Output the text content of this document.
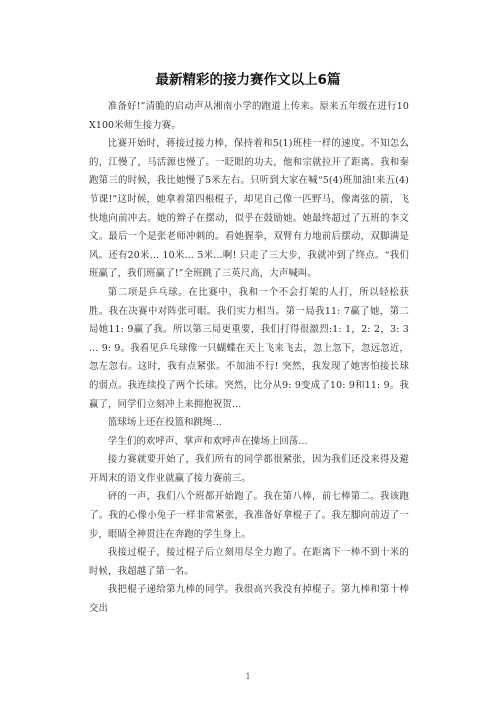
最新精彩的接力赛作文以上6篇

准备好!”清脆的启动声从湘南小学的跑道上传来。原来五年级在进行10X100米师生接力赛。

比赛开始时，蒋接过接力棒，保持着和5(1)班桂一样的速度。不知怎么的，江慢了，马活源也慢了。一眨眼的功夫，他和宗就拉开了距离。我和秦跑第三的时候，我比她慢了5米左右。只听到大家在喊“5(4)班加油!来五(4)节课!”这时候，她拿着第四根棍子，却见自己像一匹野马，像离弦的箭，飞快地向前冲去。她的辫子在摆动，似乎在鼓励她。她最终超过了五班的李文文。最后一个是张老师冲刺的。看她握拳，双臂有力地前后摆动，双脚满是风。还有20米… 10米… 5米…啊! 只走了三大步，我就冲到了终点。“我们班赢了，我们班赢了!”全班跳了三英尺高，大声喊叫。

第二项是乒乓球。在比赛中，我和一个不会打架的人打，所以轻松获胜。我在决赛中对阵张可眼。我们实力相当。第一局我11: 7赢了她，第二局她11: 9赢了我。所以第三局更重要，我们打得很激烈:1: 1，2: 2，3: 3 … 9: 9。我看见乒乓球像一只蝴蝶在天上飞来飞去，忽上忽下，忽远忽近，忽左忽右。这时，我有点紧张。不加油不行! 突然，我发现了她害怕接长球的弱点。我连续投了两个长球。突然，比分从9: 9变成了10: 9和11: 9。我赢了，同学们立刻冲上来拥抱祝贺…

篮球场上还在投篮和跳绳...

学生们的欢呼声、掌声和欢呼声在操场上回荡...

接力赛就要开始了，我们所有的同学都很紧张，因为我们还没来得及避开周末的语文作业就赢了接力赛前三。

砰的一声，我们八个班都开始跑了。我在第八棒，前七棒第二。我该跑了。我的心像小兔子一样非常紧张，我准备好拿棍子了。我左脚向前迈了一步，眼睛全神贯注在奔跑的学生身上。

我接过棍子，接过棍子后立刻用尽全力跑了。在距离下一棒不到十米的时候，我超越了第一名。

我把棍子递给第九棒的同学。我很高兴我没有掉棍子。第九棒和第十棒交出

1
